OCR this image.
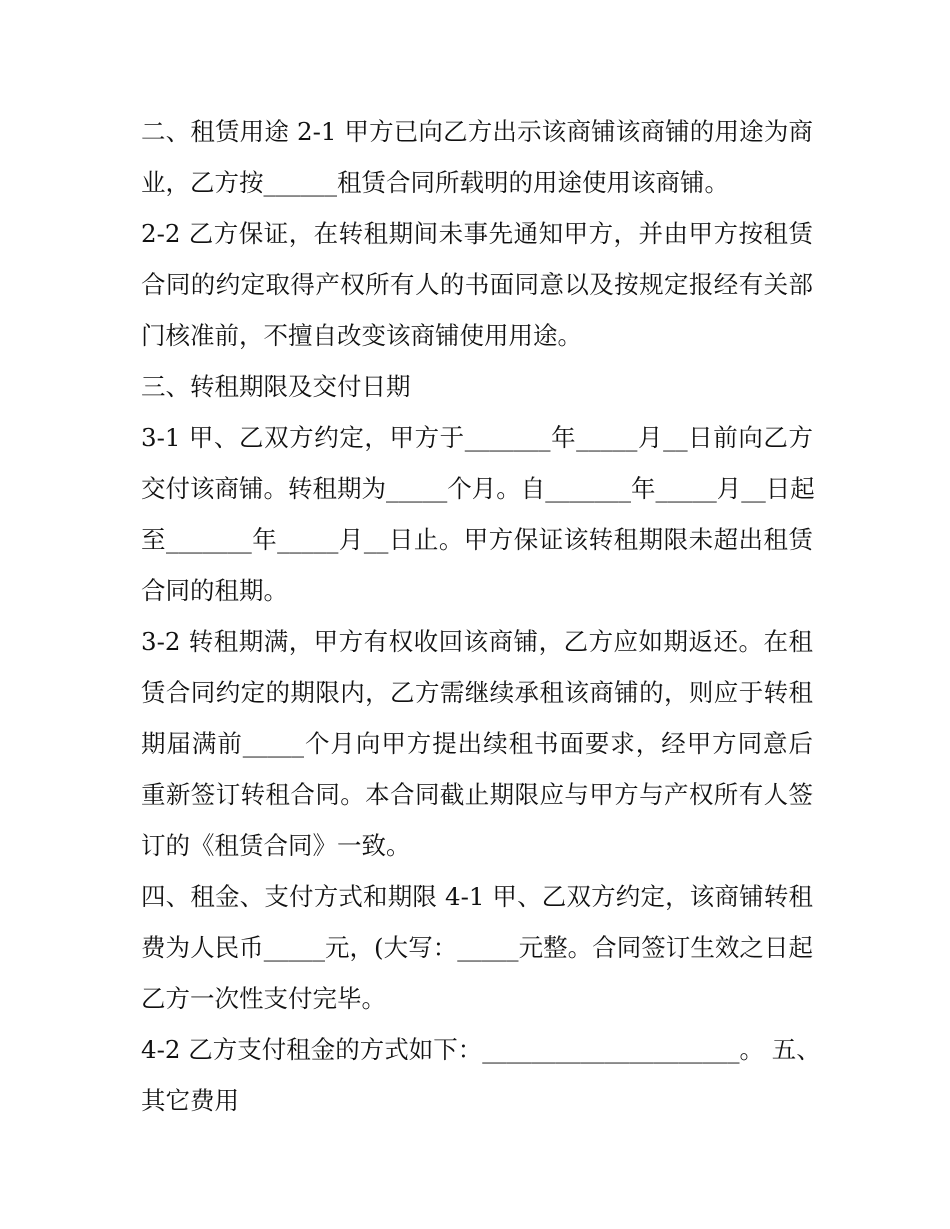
二、租赁用途 2-1 甲方已向乙方出示该商铺该商铺的用途为商
业，乙方按______租赁合同所载明的用途使用该商铺。
2-2 乙方保证，在转租期间未事先通知甲方，并由甲方按租赁
合同的约定取得产权所有人的书面同意以及按规定报经有关部
门核准前，不擅自改变该商铺使用用途。
三、转租期限及交付日期
3-1 甲、乙双方约定，甲方于_______年_____月__日前向乙方
交付该商铺。转租期为_____个月。自_______年_____月__日起
至_______年_____月__日止。甲方保证该转租期限未超出租赁
合同的租期。
3-2 转租期满，甲方有权收回该商铺，乙方应如期返还。在租
赁合同约定的期限内，乙方需继续承租该商铺的，则应于转租
期届满前_____个月向甲方提出续租书面要求，经甲方同意后
重新签订转租合同。本合同截止期限应与甲方与产权所有人签
订的《租赁合同》一致。
四、租金、支付方式和期限 4-1 甲、乙双方约定，该商铺转租
费为人民币_____元，(大写：_____元整。合同签订生效之日起
乙方一次性支付完毕。
4-2 乙方支付租金的方式如下：_____________________。 五、
其它费用
